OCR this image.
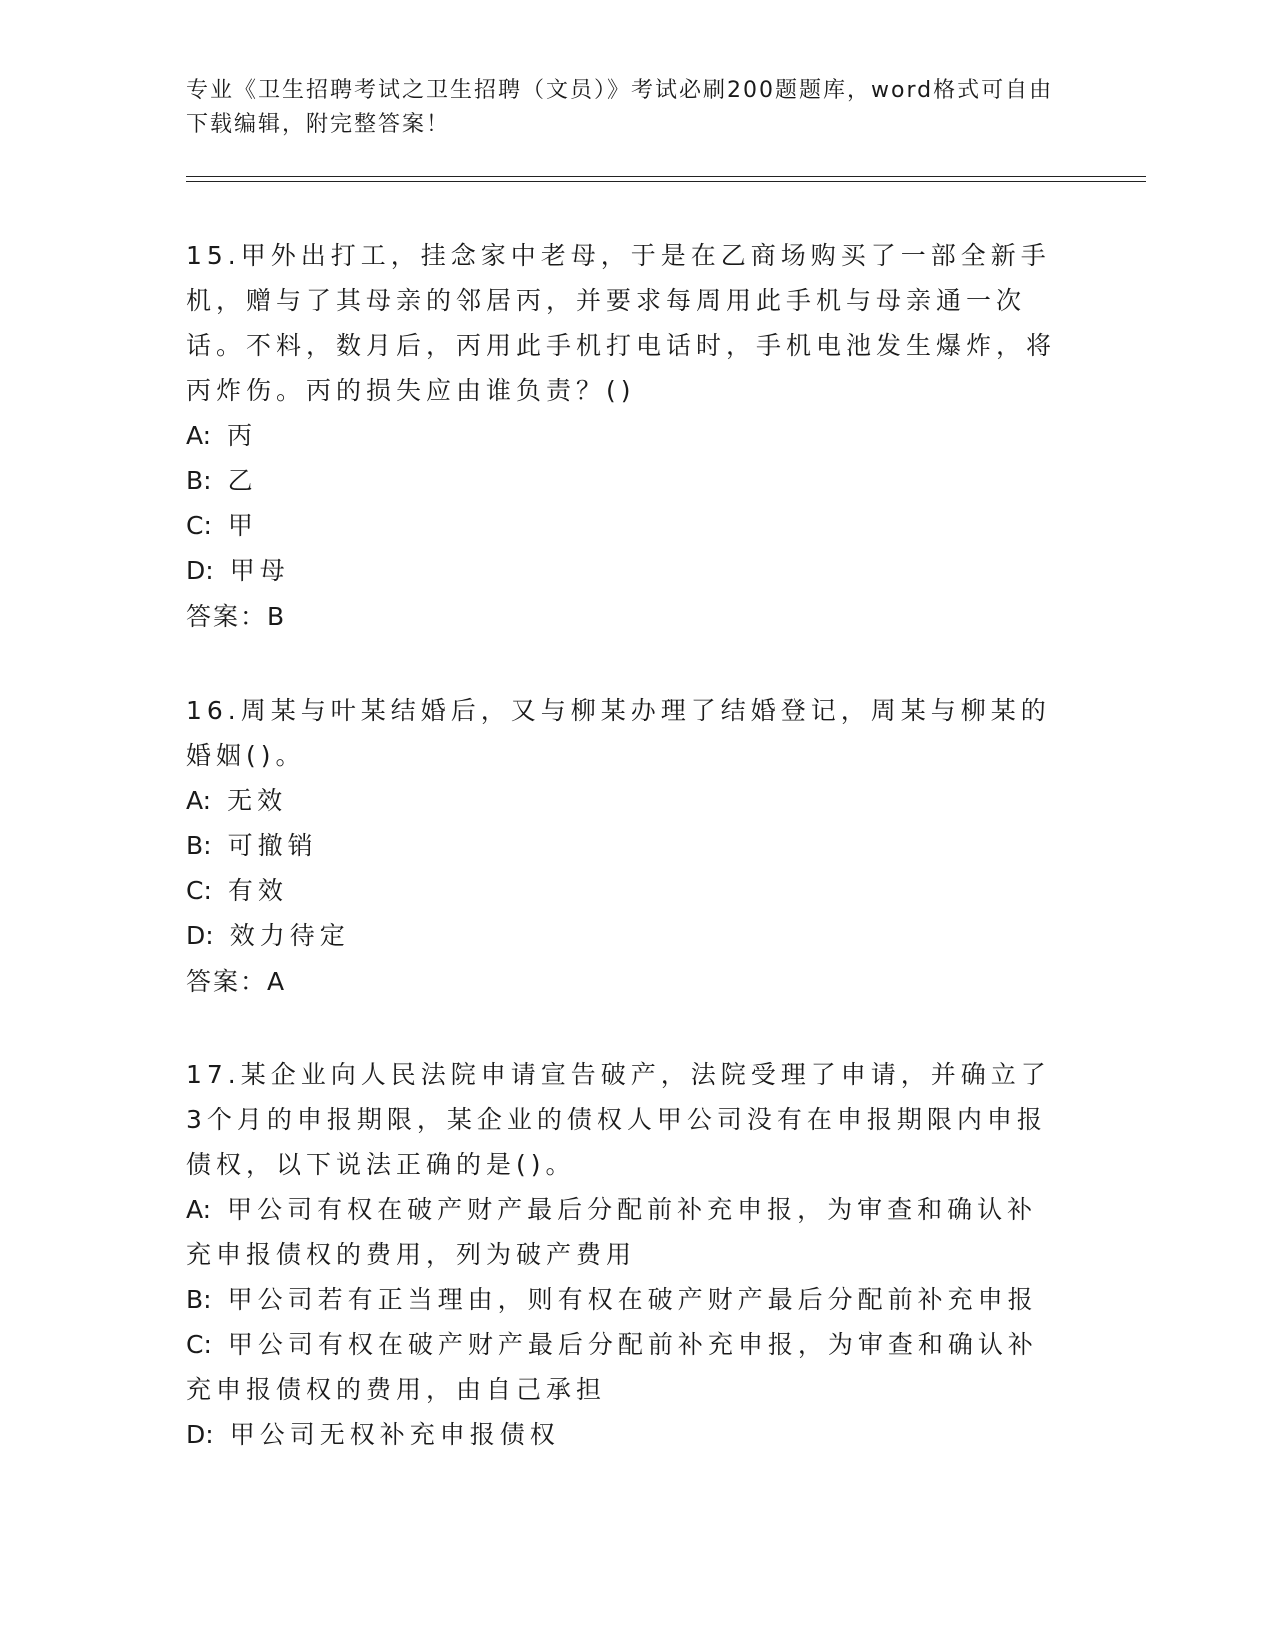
专业《卫生招聘考试之卫生招聘（文员）》考试必刷200题题库，word格式可自由下载编辑，附完整答案！
15.甲外出打工，挂念家中老母，于是在乙商场购买了一部全新手机，赠与了其母亲的邻居丙，并要求每周用此手机与母亲通一次话。不料，数月后，丙用此手机打电话时，手机电池发生爆炸，将丙炸伤。丙的损失应由谁负责？()
A: 丙
B: 乙
C: 甲
D: 甲母
答案：B
16.周某与叶某结婚后，又与柳某办理了结婚登记，周某与柳某的婚姻()。
A: 无效
B: 可撤销
C: 有效
D: 效力待定
答案：A
17.某企业向人民法院申请宣告破产，法院受理了申请，并确立了3个月的申报期限，某企业的债权人甲公司没有在申报期限内申报债权，以下说法正确的是()。
A: 甲公司有权在破产财产最后分配前补充申报，为审查和确认补充申报债权的费用，列为破产费用
B: 甲公司若有正当理由，则有权在破产财产最后分配前补充申报
C: 甲公司有权在破产财产最后分配前补充申报，为审查和确认补充申报债权的费用，由自己承担
D: 甲公司无权补充申报债权
